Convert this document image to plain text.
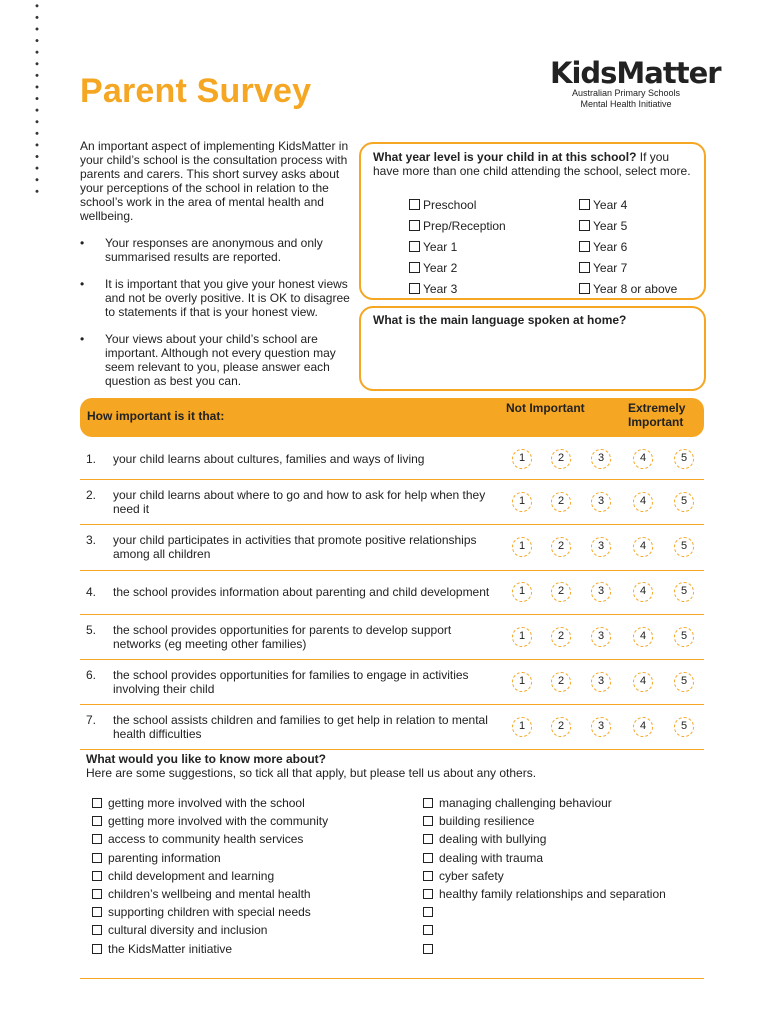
Parent Survey	KidsMatter
Australian Primary Schools
Mental Health Initiative

An important aspect of implementing KidsMatter in your child’s school is the consultation process with parents and carers. This short survey asks about your perceptions of the school in relation to the school’s work in the area of mental health and wellbeing.

•	Your responses are anonymous and only summarised results are reported.
•	It is important that you give your honest views and not be overly positive. It is OK to disagree to statements if that is your honest view.
•	Your views about your child’s school are important. Although not every question may seem relevant to you, please answer each question as best you can.
What year level is your child in at this school? If you have more than one child attending the school, select more.
Preschool	Year 4
Prep/Reception	Year 5
Year 1	Year 6
Year 2	Year 7
Year 3	Year 8 or above
What is the main language spoken at home?
How important is it that:
Not Important	Extremely Important
1. your child learns about cultures, families and ways of living	1	2	3	4	5
2. your child learns about where to go and how to ask for help when they need it
1	2	3	4	5
3. your child participates in activities that promote positive relationships among all children
1	2	3	4	5
4. the school provides information about parenting and child development	1	2	3	4	5
5. the school provides opportunities for parents to develop support networks (eg meeting other families)
1	2	3	4	5
6. the school provides opportunities for families to engage in activities involving their child
1	2	3	4	5
7. the school assists children and families to get help in relation to mental health difficulties
1	2	3	4	5
What would you like to know more about?
Here are some suggestions, so tick all that apply, but please tell us about any others.
getting more involved with the school
getting more involved with the community
access to community health services
parenting information
child development and learning
children’s wellbeing and mental health
supporting children with special needs
cultural diversity and inclusion
the KidsMatter initiative
managing challenging behaviour
building resilience
dealing with bullying
dealing with trauma
cyber safety
healthy family relationships and separation
